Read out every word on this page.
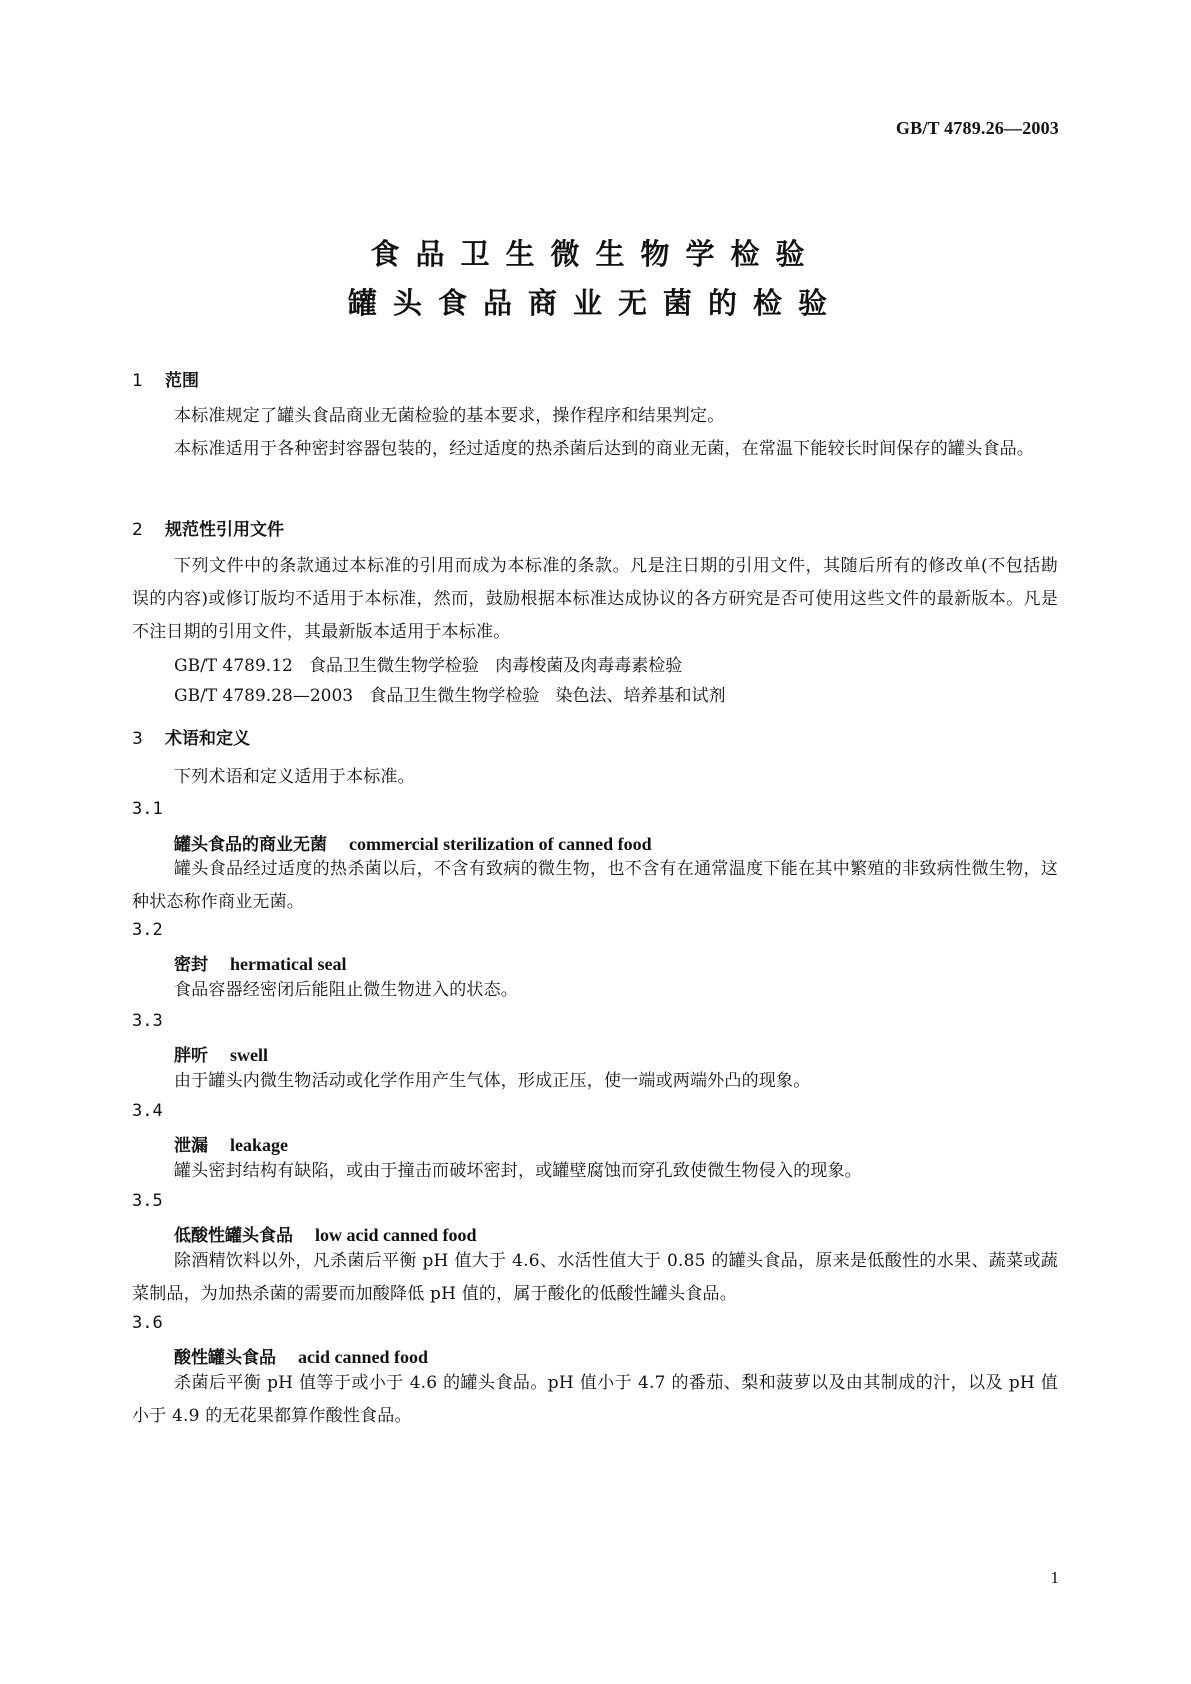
GB/T 4789.26—2003
食品卫生微生物学检验
罐头食品商业无菌的检验
1 范围
本标准规定了罐头食品商业无菌检验的基本要求，操作程序和结果判定。
本标准适用于各种密封容器包装的，经过适度的热杀菌后达到的商业无菌，在常温下能较长时间保存的罐头食品。
2 规范性引用文件
下列文件中的条款通过本标准的引用而成为本标准的条款。凡是注日期的引用文件，其随后所有的修改单(不包括勘误的内容)或修订版均不适用于本标准，然而，鼓励根据本标准达成协议的各方研究是否可使用这些文件的最新版本。凡是不注日期的引用文件，其最新版本适用于本标准。
GB/T 4789.12   食品卫生微生物学检验   肉毒梭菌及肉毒毒素检验
GB/T 4789.28—2003   食品卫生微生物学检验   染色法、培养基和试剂
3 术语和定义
下列术语和定义适用于本标准。
3.1
罐头食品的商业无菌 commercial sterilization of canned food
罐头食品经过适度的热杀菌以后，不含有致病的微生物，也不含有在通常温度下能在其中繁殖的非致病性微生物，这种状态称作商业无菌。
3.2
密封 hermatical seal
食品容器经密闭后能阻止微生物进入的状态。
3.3
胖听 swell
由于罐头内微生物活动或化学作用产生气体，形成正压，使一端或两端外凸的现象。
3.4
泄漏 leakage
罐头密封结构有缺陷，或由于撞击而破坏密封，或罐壁腐蚀而穿孔致使微生物侵入的现象。
3.5
低酸性罐头食品 low acid canned food
除酒精饮料以外，凡杀菌后平衡 pH 值大于 4.6、水活性值大于 0.85 的罐头食品，原来是低酸性的水果、蔬菜或蔬菜制品，为加热杀菌的需要而加酸降低 pH 值的，属于酸化的低酸性罐头食品。
3.6
酸性罐头食品 acid canned food
杀菌后平衡 pH 值等于或小于 4.6 的罐头食品。pH 值小于 4.7 的番茄、梨和菠萝以及由其制成的汁，以及 pH 值小于 4.9 的无花果都算作酸性食品。
1
